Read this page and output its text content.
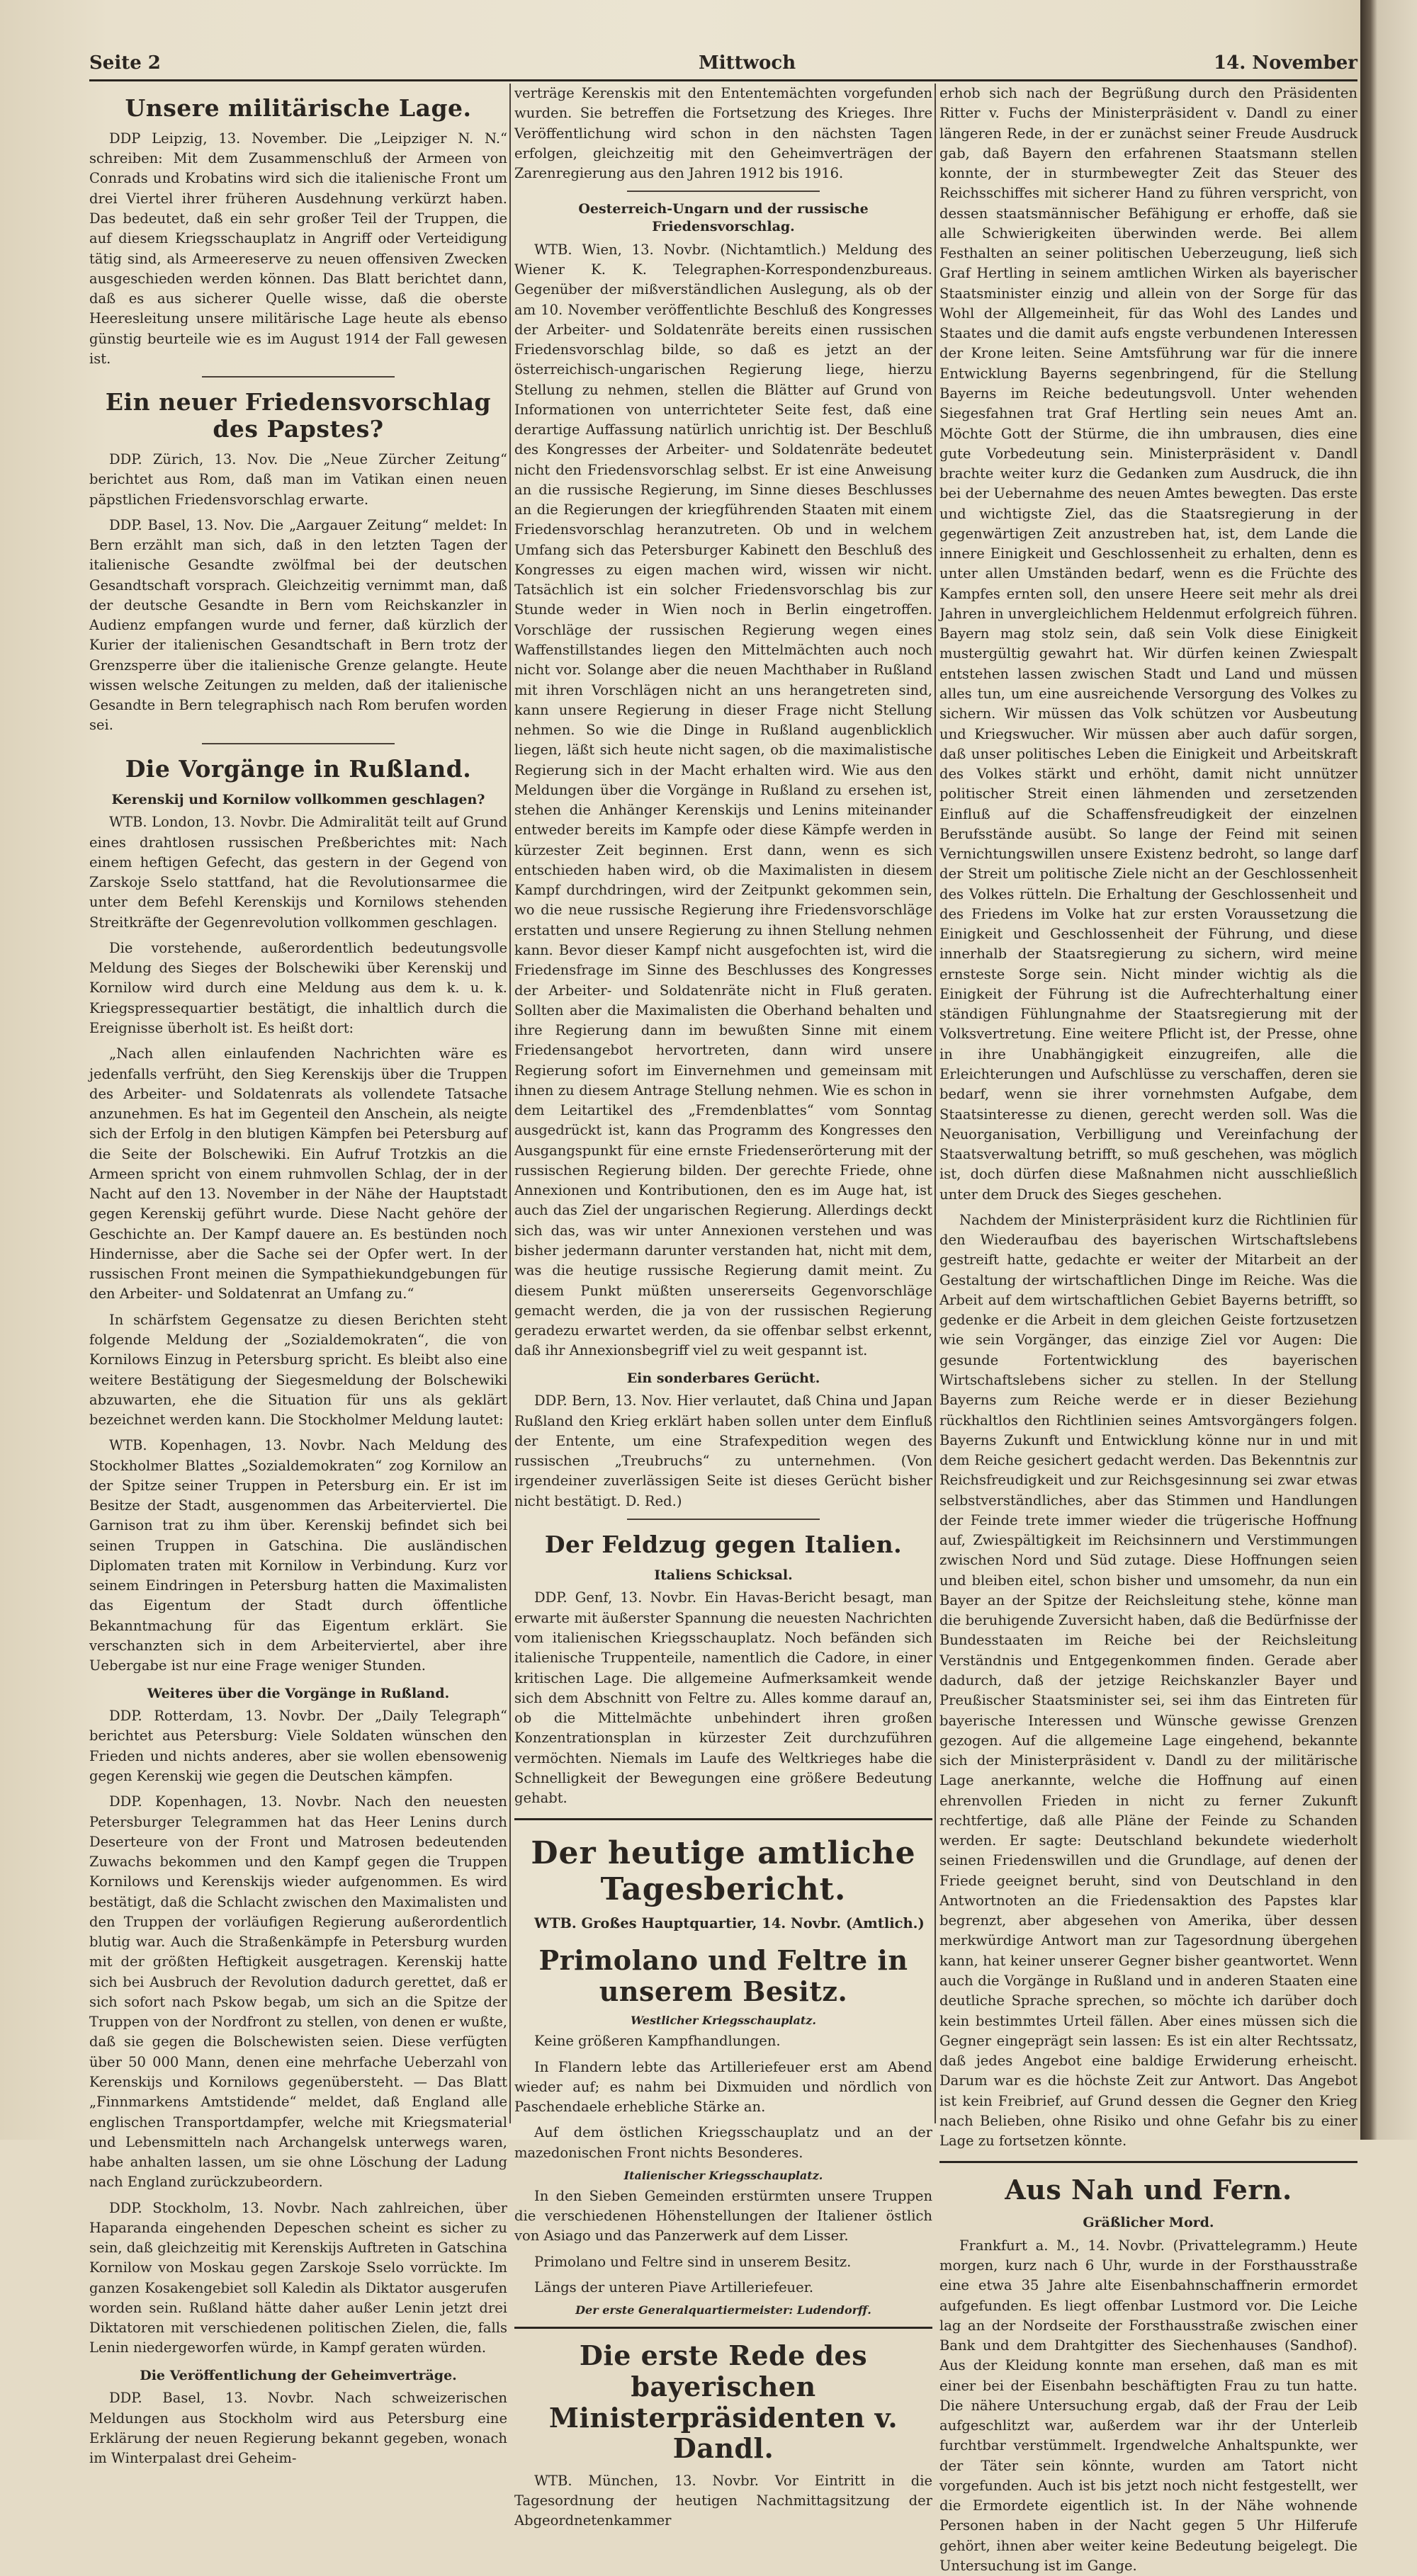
Seite 2	Mittwoch	14. November
Unsere militärische Lage.

DDP Leipzig, 13. November. Die „Leipziger N. N.“ schreiben: Mit dem Zusammenschluß der Armeen von Conrads und Krobatins wird sich die italienische Front um drei Viertel ihrer früheren Ausdehnung verkürzt haben. Das bedeutet, daß ein sehr großer Teil der Truppen, die auf diesem Kriegsschauplatz in Angriff oder Verteidigung tätig sind, als Armeereserve zu neuen offensiven Zwecken ausgeschieden werden können. Das Blatt berichtet dann, daß es aus sicherer Quelle wisse, daß die oberste Heeresleitung unsere militärische Lage heute als ebenso günstig beurteile wie es im August 1914 der Fall gewesen ist.

Ein neuer Friedensvorschlag des Papstes?

DDP. Zürich, 13. Nov. Die „Neue Zürcher Zeitung“ berichtet aus Rom, daß man im Vatikan einen neuen päpstlichen Friedensvorschlag erwarte.

DDP. Basel, 13. Nov. Die „Aargauer Zeitung“ meldet: In Bern erzählt man sich, daß in den letzten Tagen der italienische Gesandte zwölfmal bei der deutschen Gesandtschaft vorsprach. Gleichzeitig vernimmt man, daß der deutsche Gesandte in Bern vom Reichskanzler in Audienz empfangen wurde und ferner, daß kürzlich der Kurier der italienischen Gesandtschaft in Bern trotz der Grenzsperre über die italienische Grenze gelangte. Heute wissen welsche Zeitungen zu melden, daß der italienische Gesandte in Bern telegraphisch nach Rom berufen worden sei.

Die Vorgänge in Rußland.
Kerenskij und Kornilow vollkommen geschlagen?

WTB. London, 13. Novbr. Die Admiralität teilt auf Grund eines drahtlosen russischen Preßberichtes mit: Nach einem heftigen Gefecht, das gestern in der Gegend von Zarskoje Sselo stattfand, hat die Revolutionsarmee die unter dem Befehl Kerenskijs und Kornilows stehenden Streitkräfte der Gegenrevolution vollkommen geschlagen.

Die vorstehende, außerordentlich bedeutungsvolle Meldung des Sieges der Bolschewiki über Kerenskij und Kornilow wird durch eine Meldung aus dem k. u. k. Kriegspressequartier bestätigt, die inhaltlich durch die Ereignisse überholt ist. Es heißt dort:

„Nach allen einlaufenden Nachrichten wäre es jedenfalls verfrüht, den Sieg Kerenskijs über die Truppen des Arbeiter- und Soldatenrats als vollendete Tatsache anzunehmen. Es hat im Gegenteil den Anschein, als neigte sich der Erfolg in den blutigen Kämpfen bei Petersburg auf die Seite der Bolschewiki. Ein Aufruf Trotzkis an die Armeen spricht von einem ruhmvollen Schlag, der in der Nacht auf den 13. November in der Nähe der Hauptstadt gegen Kerenskij geführt wurde. Diese Nacht gehöre der Geschichte an. Der Kampf dauere an. Es bestünden noch Hindernisse, aber die Sache sei der Opfer wert. In der russischen Front meinen die Sympathiekundgebungen für den Arbeiter- und Soldatenrat an Umfang zu.“

In schärfstem Gegensatze zu diesen Berichten steht folgende Meldung der „Sozialdemokraten“, die von Kornilows Einzug in Petersburg spricht. Es bleibt also eine weitere Bestätigung der Siegesmeldung der Bolschewiki abzuwarten, ehe die Situation für uns als geklärt bezeichnet werden kann. Die Stockholmer Meldung lautet:

WTB. Kopenhagen, 13. Novbr. Nach Meldung des Stockholmer Blattes „Sozialdemokraten“ zog Kornilow an der Spitze seiner Truppen in Petersburg ein. Er ist im Besitze der Stadt, ausgenommen das Arbeiterviertel. Die Garnison trat zu ihm über. Kerenskij befindet sich bei seinen Truppen in Gatschina. Die ausländischen Diplomaten traten mit Kornilow in Verbindung. Kurz vor seinem Eindringen in Petersburg hatten die Maximalisten das Eigentum der Stadt durch öffentliche Bekanntmachung für das Eigentum erklärt. Sie verschanzten sich in dem Arbeiterviertel, aber ihre Uebergabe ist nur eine Frage weniger Stunden.

Weiteres über die Vorgänge in Rußland.

DDP. Rotterdam, 13. Novbr. Der „Daily Telegraph“ berichtet aus Petersburg: Viele Soldaten wünschen den Frieden und nichts anderes, aber sie wollen ebensowenig gegen Kerenskij wie gegen die Deutschen kämpfen.

DDP. Kopenhagen, 13. Novbr. Nach den neuesten Petersburger Telegrammen hat das Heer Lenins durch Deserteure von der Front und Matrosen bedeutenden Zuwachs bekommen und den Kampf gegen die Truppen Kornilows und Kerenskijs wieder aufgenommen. Es wird bestätigt, daß die Schlacht zwischen den Maximalisten und den Truppen der vorläufigen Regierung außerordentlich blutig war. Auch die Straßenkämpfe in Petersburg wurden mit der größten Heftigkeit ausgetragen. Kerenskij hatte sich bei Ausbruch der Revolution dadurch gerettet, daß er sich sofort nach Pskow begab, um sich an die Spitze der Truppen von der Nordfront zu stellen, von denen er wußte, daß sie gegen die Bolschewisten seien. Diese verfügten über 50 000 Mann, denen eine mehrfache Ueberzahl von Kerenskijs und Kornilows gegenübersteht. — Das Blatt „Finnmarkens Amtstidende“ meldet, daß England alle englischen Transportdampfer, welche mit Kriegsmaterial und Lebensmitteln nach Archangelsk unterwegs waren, habe anhalten lassen, um sie ohne Löschung der Ladung nach England zurückzubeordern.

DDP. Stockholm, 13. Novbr. Nach zahlreichen, über Haparanda eingehenden Depeschen scheint es sicher zu sein, daß gleichzeitig mit Kerenskijs Auftreten in Gatschina Kornilow von Moskau gegen Zarskoje Sselo vorrückte. Im ganzen Kosakengebiet soll Kaledin als Diktator ausgerufen worden sein. Rußland hätte daher außer Lenin jetzt drei Diktatoren mit verschiedenen politischen Zielen, die, falls Lenin niedergeworfen würde, in Kampf geraten würden.

Die Veröffentlichung der Geheimverträge.

DDP. Basel, 13. Novbr. Nach schweizerischen Meldungen aus Stockholm wird aus Petersburg eine Erklärung der neuen Regierung bekannt gegeben, wonach im Winterpalast drei Geheim-

verträge Kerenskis mit den Ententemächten vorgefunden wurden. Sie betreffen die Fortsetzung des Krieges. Ihre Veröffentlichung wird schon in den nächsten Tagen erfolgen, gleichzeitig mit den Geheimverträgen der Zarenregierung aus den Jahren 1912 bis 1916.

Oesterreich-Ungarn und der russische Friedensvorschlag.

WTB. Wien, 13. Novbr. (Nichtamtlich.) Meldung des Wiener K. K. Telegraphen-Korrespondenzbureaus. Gegenüber der mißverständlichen Auslegung, als ob der am 10. November veröffentlichte Beschluß des Kongresses der Arbeiter- und Soldatenräte bereits einen russischen Friedensvorschlag bilde, so daß es jetzt an der österreichisch-ungarischen Regierung liege, hierzu Stellung zu nehmen, stellen die Blätter auf Grund von Informationen von unterrichteter Seite fest, daß eine derartige Auffassung natürlich unrichtig ist. Der Beschluß des Kongresses der Arbeiter- und Soldatenräte bedeutet nicht den Friedensvorschlag selbst. Er ist eine Anweisung an die russische Regierung, im Sinne dieses Beschlusses an die Regierungen der kriegführenden Staaten mit einem Friedensvorschlag heranzutreten. Ob und in welchem Umfang sich das Petersburger Kabinett den Beschluß des Kongresses zu eigen machen wird, wissen wir nicht. Tatsächlich ist ein solcher Friedensvorschlag bis zur Stunde weder in Wien noch in Berlin eingetroffen. Vorschläge der russischen Regierung wegen eines Waffenstillstandes liegen den Mittelmächten auch noch nicht vor. Solange aber die neuen Machthaber in Rußland mit ihren Vorschlägen nicht an uns herangetreten sind, kann unsere Regierung in dieser Frage nicht Stellung nehmen. So wie die Dinge in Rußland augenblicklich liegen, läßt sich heute nicht sagen, ob die maximalistische Regierung sich in der Macht erhalten wird. Wie aus den Meldungen über die Vorgänge in Rußland zu ersehen ist, stehen die Anhänger Kerenskijs und Lenins miteinander entweder bereits im Kampfe oder diese Kämpfe werden in kürzester Zeit beginnen. Erst dann, wenn es sich entschieden haben wird, ob die Maximalisten in diesem Kampf durchdringen, wird der Zeitpunkt gekommen sein, wo die neue russische Regierung ihre Friedensvorschläge erstatten und unsere Regierung zu ihnen Stellung nehmen kann. Bevor dieser Kampf nicht ausgefochten ist, wird die Friedensfrage im Sinne des Beschlusses des Kongresses der Arbeiter- und Soldatenräte nicht in Fluß geraten. Sollten aber die Maximalisten die Oberhand behalten und ihre Regierung dann im bewußten Sinne mit einem Friedensangebot hervortreten, dann wird unsere Regierung sofort im Einvernehmen und gemeinsam mit ihnen zu diesem Antrage Stellung nehmen. Wie es schon in dem Leitartikel des „Fremdenblattes“ vom Sonntag ausgedrückt ist, kann das Programm des Kongresses den Ausgangspunkt für eine ernste Friedenserörterung mit der russischen Regierung bilden. Der gerechte Friede, ohne Annexionen und Kontributionen, den es im Auge hat, ist auch das Ziel der ungarischen Regierung. Allerdings deckt sich das, was wir unter Annexionen verstehen und was bisher jedermann darunter verstanden hat, nicht mit dem, was die heutige russische Regierung damit meint. Zu diesem Punkt müßten unsererseits Gegenvorschläge gemacht werden, die ja von der russischen Regierung geradezu erwartet werden, da sie offenbar selbst erkennt, daß ihr Annexionsbegriff viel zu weit gespannt ist.

Ein sonderbares Gerücht.

DDP. Bern, 13. Nov. Hier verlautet, daß China und Japan Rußland den Krieg erklärt haben sollen unter dem Einfluß der Entente, um eine Strafexpedition wegen des russischen „Treubruchs“ zu unternehmen. (Von irgendeiner zuverlässigen Seite ist dieses Gerücht bisher nicht bestätigt. D. Red.)

Der Feldzug gegen Italien.
Italiens Schicksal.

DDP. Genf, 13. Novbr. Ein Havas-Bericht besagt, man erwarte mit äußerster Spannung die neuesten Nachrichten vom italienischen Kriegsschauplatz. Noch befänden sich italienische Truppenteile, namentlich die Cadore, in einer kritischen Lage. Die allgemeine Aufmerksamkeit wende sich dem Abschnitt von Feltre zu. Alles komme darauf an, ob die Mittelmächte unbehindert ihren großen Konzentrationsplan in kürzester Zeit durchzuführen vermöchten. Niemals im Laufe des Weltkrieges habe die Schnelligkeit der Bewegungen eine größere Bedeutung gehabt.

Der heutige amtliche Tagesbericht.

WTB. Großes Hauptquartier, 14. Novbr. (Amtlich.)

Primolano und Feltre in unserem Besitz.
Westlicher Kriegsschauplatz.

Keine größeren Kampfhandlungen.

In Flandern lebte das Artilleriefeuer erst am Abend wieder auf; es nahm bei Dixmuiden und nördlich von Paschendaele erhebliche Stärke an.

Auf dem östlichen Kriegsschauplatz und an der mazedonischen Front nichts Besonderes.

Italienischer Kriegsschauplatz.

In den Sieben Gemeinden erstürmten unsere Truppen die verschiedenen Höhenstellungen der Italiener östlich von Asiago und das Panzerwerk auf dem Lisser.

Primolano und Feltre sind in unserem Besitz.

Längs der unteren Piave Artilleriefeuer.

Der erste Generalquartiermeister: Ludendorff.
Die erste Rede des bayerischen Ministerpräsidenten v. Dandl.

WTB. München, 13. Novbr. Vor Eintritt in die Tagesordnung der heutigen Nachmittagsitzung der Abgeordnetenkammer

erhob sich nach der Begrüßung durch den Präsidenten Ritter v. Fuchs der Ministerpräsident v. Dandl zu einer längeren Rede, in der er zunächst seiner Freude Ausdruck gab, daß Bayern den erfahrenen Staatsmann stellen konnte, der in sturmbewegter Zeit das Steuer des Reichsschiffes mit sicherer Hand zu führen verspricht, von dessen staatsmännischer Befähigung er erhoffe, daß sie alle Schwierigkeiten überwinden werde. Bei allem Festhalten an seiner politischen Ueberzeugung, ließ sich Graf Hertling in seinem amtlichen Wirken als bayerischer Staatsminister einzig und allein von der Sorge für das Wohl der Allgemeinheit, für das Wohl des Landes und Staates und die damit aufs engste verbundenen Interessen der Krone leiten. Seine Amtsführung war für die innere Entwicklung Bayerns segenbringend, für die Stellung Bayerns im Reiche bedeutungsvoll. Unter wehenden Siegesfahnen trat Graf Hertling sein neues Amt an. Möchte Gott der Stürme, die ihn umbrausen, dies eine gute Vorbedeutung sein. Ministerpräsident v. Dandl brachte weiter kurz die Gedanken zum Ausdruck, die ihn bei der Uebernahme des neuen Amtes bewegten. Das erste und wichtigste Ziel, das die Staatsregierung in der gegenwärtigen Zeit anzustreben hat, ist, dem Lande die innere Einigkeit und Geschlossenheit zu erhalten, denn es unter allen Umständen bedarf, wenn es die Früchte des Kampfes ernten soll, den unsere Heere seit mehr als drei Jahren in unvergleichlichem Heldenmut erfolgreich führen. Bayern mag stolz sein, daß sein Volk diese Einigkeit mustergültig gewahrt hat. Wir dürfen keinen Zwiespalt entstehen lassen zwischen Stadt und Land und müssen alles tun, um eine ausreichende Versorgung des Volkes zu sichern. Wir müssen das Volk schützen vor Ausbeutung und Kriegswucher. Wir müssen aber auch dafür sorgen, daß unser politisches Leben die Einigkeit und Arbeitskraft des Volkes stärkt und erhöht, damit nicht unnützer politischer Streit einen lähmenden und zersetzenden Einfluß auf die Schaffensfreudigkeit der einzelnen Berufsstände ausübt. So lange der Feind mit seinen Vernichtungswillen unsere Existenz bedroht, so lange darf der Streit um politische Ziele nicht an der Geschlossenheit des Volkes rütteln. Die Erhaltung der Geschlossenheit und des Friedens im Volke hat zur ersten Voraussetzung die Einigkeit und Geschlossenheit der Führung, und diese innerhalb der Staatsregierung zu sichern, wird meine ernsteste Sorge sein. Nicht minder wichtig als die Einigkeit der Führung ist die Aufrechterhaltung einer ständigen Fühlungnahme der Staatsregierung mit der Volksvertretung. Eine weitere Pflicht ist, der Presse, ohne in ihre Unabhängigkeit einzugreifen, alle die Erleichterungen und Aufschlüsse zu verschaffen, deren sie bedarf, wenn sie ihrer vornehmsten Aufgabe, dem Staatsinteresse zu dienen, gerecht werden soll. Was die Neuorganisation, Verbilligung und Vereinfachung der Staatsverwaltung betrifft, so muß geschehen, was möglich ist, doch dürfen diese Maßnahmen nicht ausschließlich unter dem Druck des Sieges geschehen.

Nachdem der Ministerpräsident kurz die Richtlinien für den Wiederaufbau des bayerischen Wirtschaftslebens gestreift hatte, gedachte er weiter der Mitarbeit an der Gestaltung der wirtschaftlichen Dinge im Reiche. Was die Arbeit auf dem wirtschaftlichen Gebiet Bayerns betrifft, so gedenke er die Arbeit in dem gleichen Geiste fortzusetzen wie sein Vorgänger, das einzige Ziel vor Augen: Die gesunde Fortentwicklung des bayerischen Wirtschaftslebens sicher zu stellen. In der Stellung Bayerns zum Reiche werde er in dieser Beziehung rückhaltlos den Richtlinien seines Amtsvorgängers folgen. Bayerns Zukunft und Entwicklung könne nur in und mit dem Reiche gesichert gedacht werden. Das Bekenntnis zur Reichsfreudigkeit und zur Reichsgesinnung sei zwar etwas selbstverständliches, aber das Stimmen und Handlungen der Feinde trete immer wieder die trügerische Hoffnung auf, Zwiespältigkeit im Reichsinnern und Verstimmungen zwischen Nord und Süd zutage. Diese Hoffnungen seien und bleiben eitel, schon bisher und umsomehr, da nun ein Bayer an der Spitze der Reichsleitung stehe, könne man die beruhigende Zuversicht haben, daß die Bedürfnisse der Bundesstaaten im Reiche bei der Reichsleitung Verständnis und Entgegenkommen finden. Gerade aber dadurch, daß der jetzige Reichskanzler Bayer und Preußischer Staatsminister sei, sei ihm das Eintreten für bayerische Interessen und Wünsche gewisse Grenzen gezogen. Auf die allgemeine Lage eingehend, bekannte sich der Ministerpräsident v. Dandl zu der militärische Lage anerkannte, welche die Hoffnung auf einen ehrenvollen Frieden in nicht zu ferner Zukunft rechtfertige, daß alle Pläne der Feinde zu Schanden werden. Er sagte: Deutschland bekundete wiederholt seinen Friedenswillen und die Grundlage, auf denen der Friede geeignet beruht, sind von Deutschland in den Antwortnoten an die Friedensaktion des Papstes klar begrenzt, aber abgesehen von Amerika, über dessen merkwürdige Antwort man zur Tagesordnung übergehen kann, hat keiner unserer Gegner bisher geantwortet. Wenn auch die Vorgänge in Rußland und in anderen Staaten eine deutliche Sprache sprechen, so möchte ich darüber doch kein bestimmtes Urteil fällen. Aber eines müssen sich die Gegner eingeprägt sein lassen: Es ist ein alter Rechtssatz, daß jedes Angebot eine baldige Erwiderung erheischt. Darum war es die höchste Zeit zur Antwort. Das Angebot ist kein Freibrief, auf Grund dessen die Gegner den Krieg nach Belieben, ohne Risiko und ohne Gefahr bis zu einer Lage zu fortsetzen könnte.

Aus Nah und Fern.
Gräßlicher Mord.

Frankfurt a. M., 14. Novbr. (Privattelegramm.) Heute morgen, kurz nach 6 Uhr, wurde in der Forsthausstraße eine etwa 35 Jahre alte Eisenbahnschaffnerin ermordet aufgefunden. Es liegt offenbar Lustmord vor. Die Leiche lag an der Nordseite der Forsthausstraße zwischen einer Bank und dem Drahtgitter des Siechenhauses (Sandhof). Aus der Kleidung konnte man ersehen, daß man es mit einer bei der Eisenbahn beschäftigten Frau zu tun hatte. Die nähere Untersuchung ergab, daß der Frau der Leib aufgeschlitzt war, außerdem war ihr der Unterleib furchtbar verstümmelt. Irgendwelche Anhaltspunkte, wer der Täter sein könnte, wurden am Tatort nicht vorgefunden. Auch ist bis jetzt noch nicht festgestellt, wer die Ermordete eigentlich ist. In der Nähe wohnende Personen haben in der Nacht gegen 5 Uhr Hilferufe gehört, ihnen aber weiter keine Bedeutung beigelegt. Die Untersuchung ist im Gange.
